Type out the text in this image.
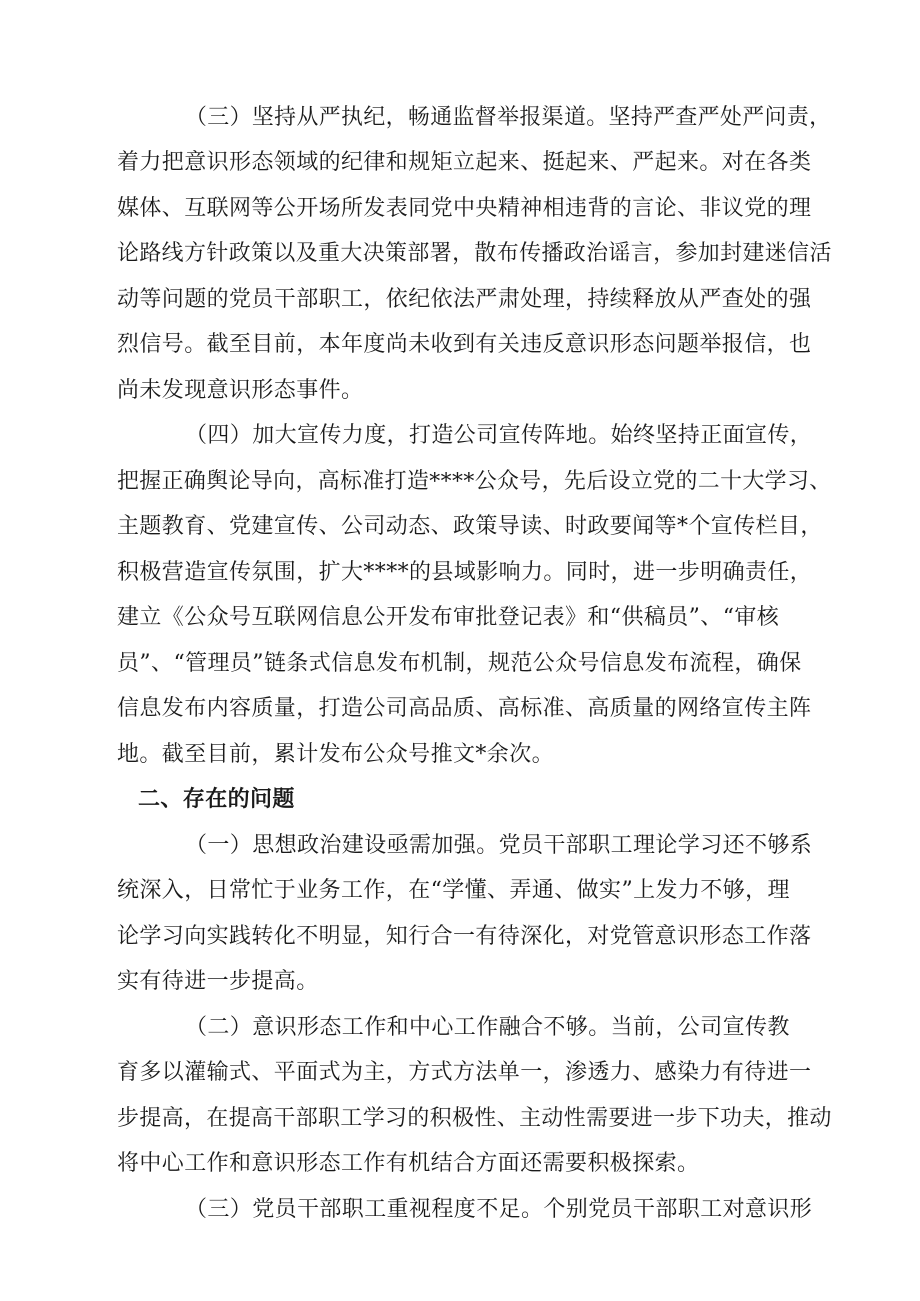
（三）坚持从严执纪，畅通监督举报渠道。坚持严查严处严问责，
着力把意识形态领域的纪律和规矩立起来、挺起来、严起来。对在各类
媒体、互联网等公开场所发表同党中央精神相违背的言论、非议党的理
论路线方针政策以及重大决策部署，散布传播政治谣言，参加封建迷信活
动等问题的党员干部职工，依纪依法严肃处理，持续释放从严查处的强
烈信号。截至目前，本年度尚未收到有关违反意识形态问题举报信，也
尚未发现意识形态事件。
（四）加大宣传力度，打造公司宣传阵地。始终坚持正面宣传，
把握正确舆论导向，高标准打造****公众号，先后设立党的二十大学习、
主题教育、党建宣传、公司动态、政策导读、时政要闻等*个宣传栏目，
积极营造宣传氛围，扩大****的县域影响力。同时，进一步明确责任，
建立《公众号互联网信息公开发布审批登记表》和“供稿员”、“审核
员”、“管理员”链条式信息发布机制，规范公众号信息发布流程，确保
信息发布内容质量，打造公司高品质、高标准、高质量的网络宣传主阵
地。截至目前，累计发布公众号推文*余次。
二、存在的问题
（一）思想政治建设亟需加强。党员干部职工理论学习还不够系
统深入，日常忙于业务工作，在“学懂、弄通、做实”上发力不够，理
论学习向实践转化不明显，知行合一有待深化，对党管意识形态工作落
实有待进一步提高。
（二）意识形态工作和中心工作融合不够。当前，公司宣传教
育多以灌输式、平面式为主，方式方法单一，渗透力、感染力有待进一
步提高，在提高干部职工学习的积极性、主动性需要进一步下功夫，推动
将中心工作和意识形态工作有机结合方面还需要积极探索。
（三）党员干部职工重视程度不足。个别党员干部职工对意识形
